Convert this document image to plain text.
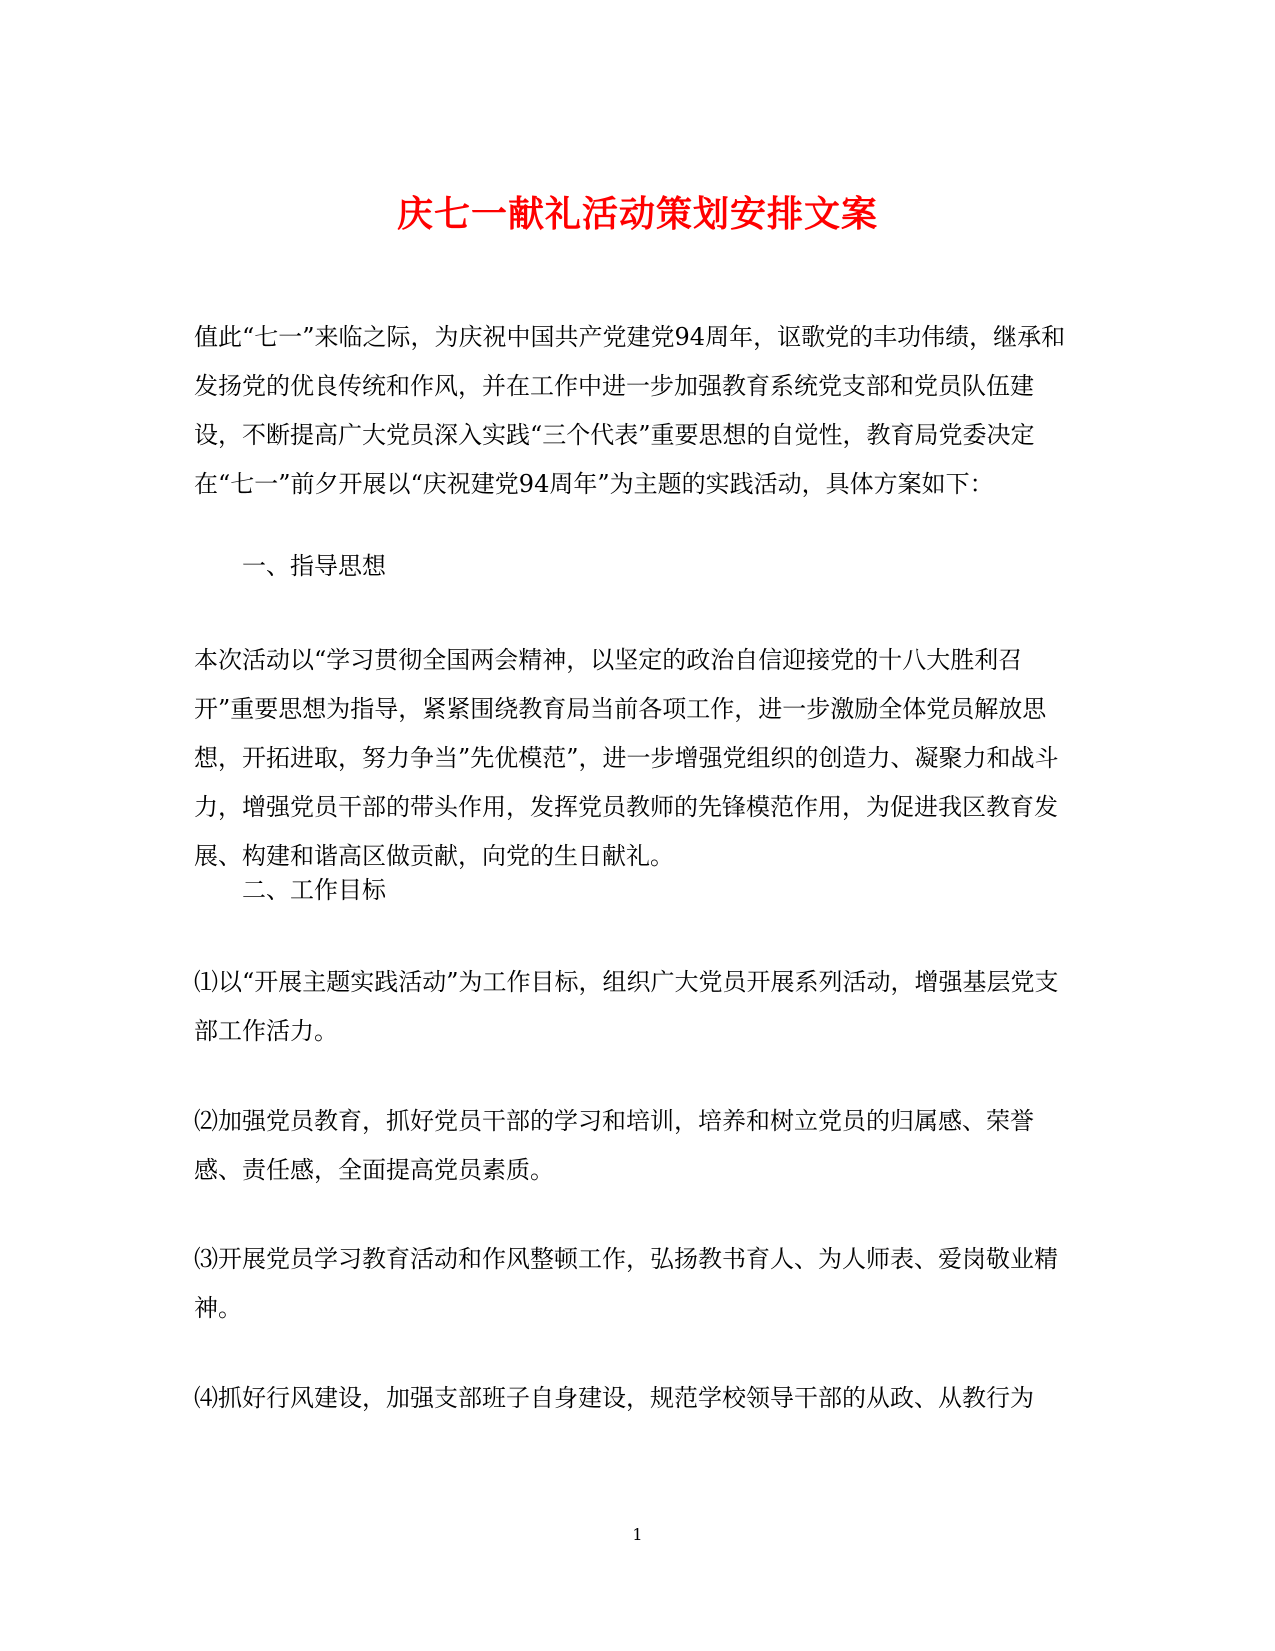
庆七一献礼活动策划安排文案

值此“七一”来临之际，为庆祝中国共产党建党94周年，讴歌党的丰功伟绩，继承和发扬党的优良传统和作风，并在工作中进一步加强教育系统党支部和党员队伍建设，不断提高广大党员深入实践“三个代表”重要思想的自觉性，教育局党委决定在“七一”前夕开展以“庆祝建党94周年”为主题的实践活动，具体方案如下：

一、指导思想

本次活动以“学习贯彻全国两会精神，以坚定的政治自信迎接党的十八大胜利召开”重要思想为指导，紧紧围绕教育局当前各项工作，进一步激励全体党员解放思想，开拓进取，努力争当”先优模范”，进一步增强党组织的创造力、凝聚力和战斗力，增强党员干部的带头作用，发挥党员教师的先锋模范作用，为促进我区教育发展、构建和谐高区做贡献，向党的生日献礼。

二、工作目标

⑴以“开展主题实践活动”为工作目标，组织广大党员开展系列活动，增强基层党支部工作活力。

⑵加强党员教育，抓好党员干部的学习和培训，培养和树立党员的归属感、荣誉感、责任感，全面提高党员素质。

⑶开展党员学习教育活动和作风整顿工作，弘扬教书育人、为人师表、爱岗敬业精神。

⑷抓好行风建设，加强支部班子自身建设，规范学校领导干部的从政、从教行为

1
